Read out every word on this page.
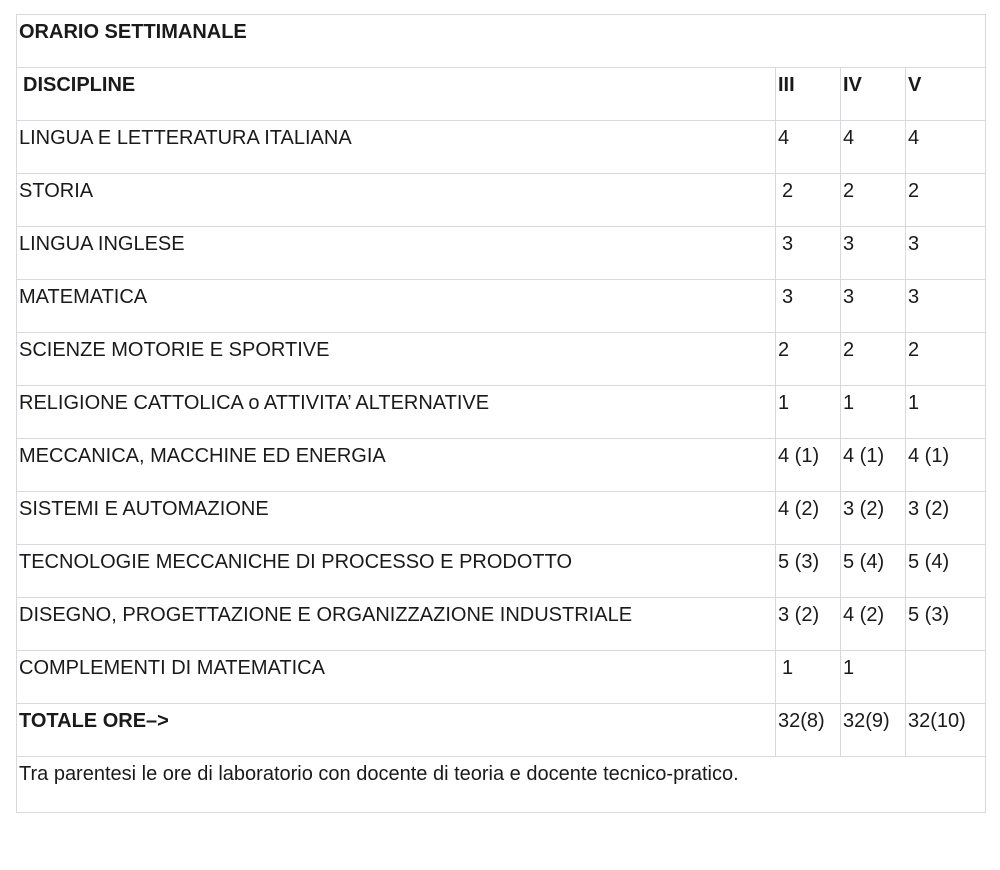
ORARIO SETTIMANALE			
DISCIPLINE	III	IV	V
LINGUA E LETTERATURA ITALIANA	4	4	4
STORIA	2	2	2
LINGUA INGLESE	3	3	3
MATEMATICA	3	3	3
SCIENZE MOTORIE E SPORTIVE	2	2	2
RELIGIONE CATTOLICA o ATTIVITA’ ALTERNATIVE	1	1	1
MECCANICA, MACCHINE ED ENERGIA	4 (1)	4 (1)	4 (1)
SISTEMI E AUTOMAZIONE	4 (2)	3 (2)	3 (2)
TECNOLOGIE MECCANICHE DI PROCESSO E PRODOTTO	5 (3)	5 (4)	5 (4)
DISEGNO, PROGETTAZIONE E ORGANIZZAZIONE INDUSTRIALE	3 (2)	4 (2)	5 (3)
COMPLEMENTI DI MATEMATICA	1	1	
TOTALE ORE–>	32(8)	32(9)	32(10)
Tra parentesi le ore di laboratorio con docente di teoria e docente tecnico-pratico.			
